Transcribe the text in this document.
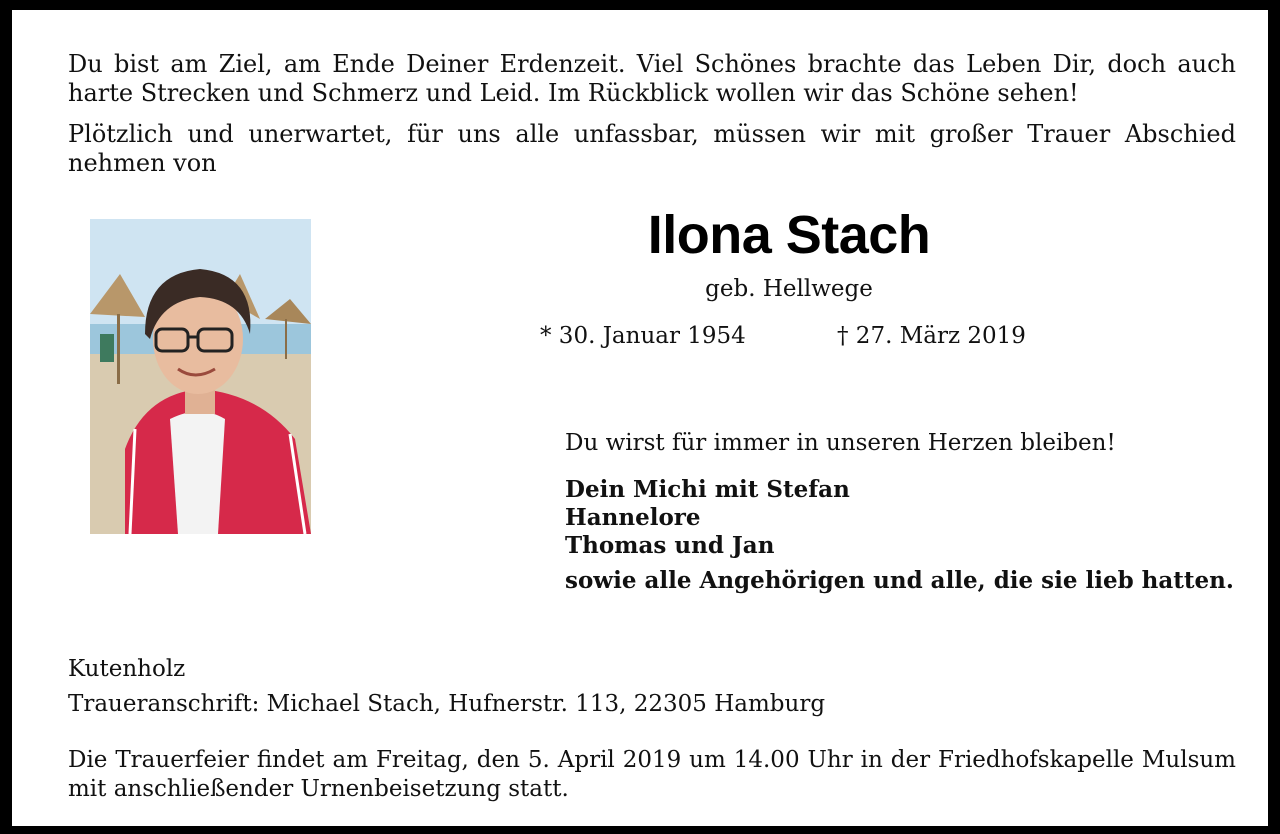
Du bist am Ziel, am Ende Deiner Erdenzeit. Viel Schönes brachte das Leben Dir, doch auch harte Strecken und Schmerz und Leid. Im Rückblick wollen wir das Schöne sehen!

Plötzlich und unerwartet, für uns alle unfassbar, müssen wir mit großer Trauer Abschied nehmen von

Ilona Stach
geb. Hellwege
* 30. Januar 1954	† 27. März 2019
Du wirst für immer in unseren Herzen bleiben!
Dein Michi mit Stefan
Hannelore
Thomas und Jan
sowie alle Angehörigen und alle, die sie lieb hatten.
Kutenholz
Traueranschrift: Michael Stach, Hufnerstr. 113, 22305 Hamburg

Die Trauerfeier findet am Freitag, den 5. April 2019 um 14.00 Uhr in der Friedhofskapelle Mulsum mit anschließender Urnenbeisetzung statt.
